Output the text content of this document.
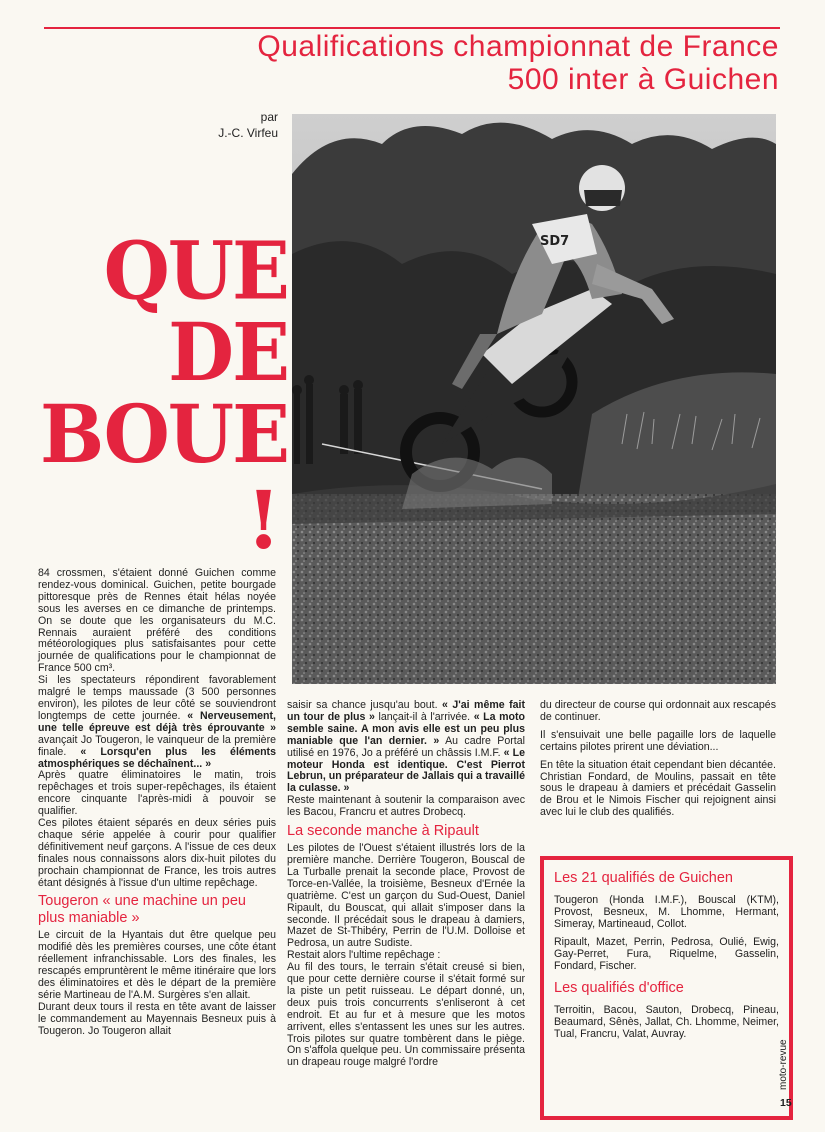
Qualifications championnat de France
500 inter à Guichen
par
J.-C. Virfeu
QUE
DE
BOUE
!
SD7

84 crossmen, s'étaient donné Guichen comme rendez-vous dominical. Guichen, petite bourgade pittoresque près de Rennes était hélas noyée sous les averses en ce dimanche de printemps. On se doute que les organisateurs du M.C. Rennais auraient préféré des conditions météorologiques plus satisfaisantes pour cette journée de qualifications pour le championnat de France 500 cm³.

Si les spectateurs répondirent favorablement malgré le temps maussade (3 500 personnes environ), les pilotes de leur côté se souviendront longtemps de cette journée. « Nerveusement, une telle épreuve est déjà très éprouvante » avançait Jo Tougeron, le vainqueur de la première finale. « Lorsqu'en plus les éléments atmosphériques se déchaînent... »

Après quatre éliminatoires le matin, trois repêchages et trois super-repêchages, ils étaient encore cinquante l'après-midi à pouvoir se qualifier.

Ces pilotes étaient séparés en deux séries puis chaque série appelée à courir pour qualifier définitivement neuf garçons. A l'issue de ces deux finales nous connaissons alors dix-huit pilotes du prochain championnat de France, les trois autres étant désignés à l'issue d'un ultime repêchage.

Tougeron « une machine un peu plus maniable »

Le circuit de la Hyantais dut être quelque peu modifié dès les premières courses, une côte étant réellement infranchissable. Lors des finales, les rescapés empruntèrent le même itinéraire que lors des éliminatoires et dès le départ de la première série Martineau de l'A.M. Surgères s'en allait.

Durant deux tours il resta en tête avant de laisser le commandement au Mayennais Besneux puis à Tougeron. Jo Tougeron allait

saisir sa chance jusqu'au bout. « J'ai même fait un tour de plus » lançait-il à l'arrivée. « La moto semble saine. A mon avis elle est un peu plus maniable que l'an dernier. » Au cadre Portal utilisé en 1976, Jo a préféré un châssis I.M.F. « Le moteur Honda est identique. C'est Pierrot Lebrun, un préparateur de Jallais qui a travaillé la culasse. »

Reste maintenant à soutenir la comparaison avec les Bacou, Francru et autres Drobecq.

La seconde manche à Ripault

Les pilotes de l'Ouest s'étaient illustrés lors de la première manche. Derrière Tougeron, Bouscal de La Turballe prenait la seconde place, Provost de Torce-en-Vallée, la troisième, Besneux d'Ernée la quatrième. C'est un garçon du Sud-Ouest, Daniel Ripault, du Bouscat, qui allait s'imposer dans la seconde. Il précédait sous le drapeau à damiers, Mazet de St-Thibéry, Perrin de l'U.M. Dolloise et Pedrosa, un autre Sudiste.

Restait alors l'ultime repêchage :

Au fil des tours, le terrain s'était creusé si bien, que pour cette dernière course il s'était formé sur la piste un petit ruisseau. Le départ donné, un, deux puis trois concurrents s'enliseront à cet endroit. Et au fur et à mesure que les motos arrivent, elles s'entassent les unes sur les autres. Trois pilotes sur quatre tombèrent dans le piège. On s'affola quelque peu. Un commissaire présenta un drapeau rouge malgré l'ordre

du directeur de course qui ordonnait aux rescapés de continuer.

Il s'ensuivait une belle pagaille lors de laquelle certains pilotes prirent une déviation...

En tête la situation était cependant bien décantée. Christian Fondard, de Moulins, passait en tête sous le drapeau à damiers et précédait Gasselin de Brou et le Nimois Fischer qui rejoignent ainsi avec lui le club des qualifiés.

Les 21 qualifiés de Guichen

Tougeron (Honda I.M.F.), Bouscal (KTM), Provost, Besneux, M. Lhomme, Hermant, Simeray, Martineaud, Collot.

Ripault, Mazet, Perrin, Pedrosa, Oulié, Ewig, Gay-Perret, Fura, Riquelme, Gasselin, Fondard, Fischer.

Les qualifiés d'office

Terroitin, Bacou, Sauton, Drobecq, Pineau, Beaumard, Sênès, Jallat, Ch. Lhomme, Neimer, Tual, Francru, Valat, Auvray.

moto-revue
15
